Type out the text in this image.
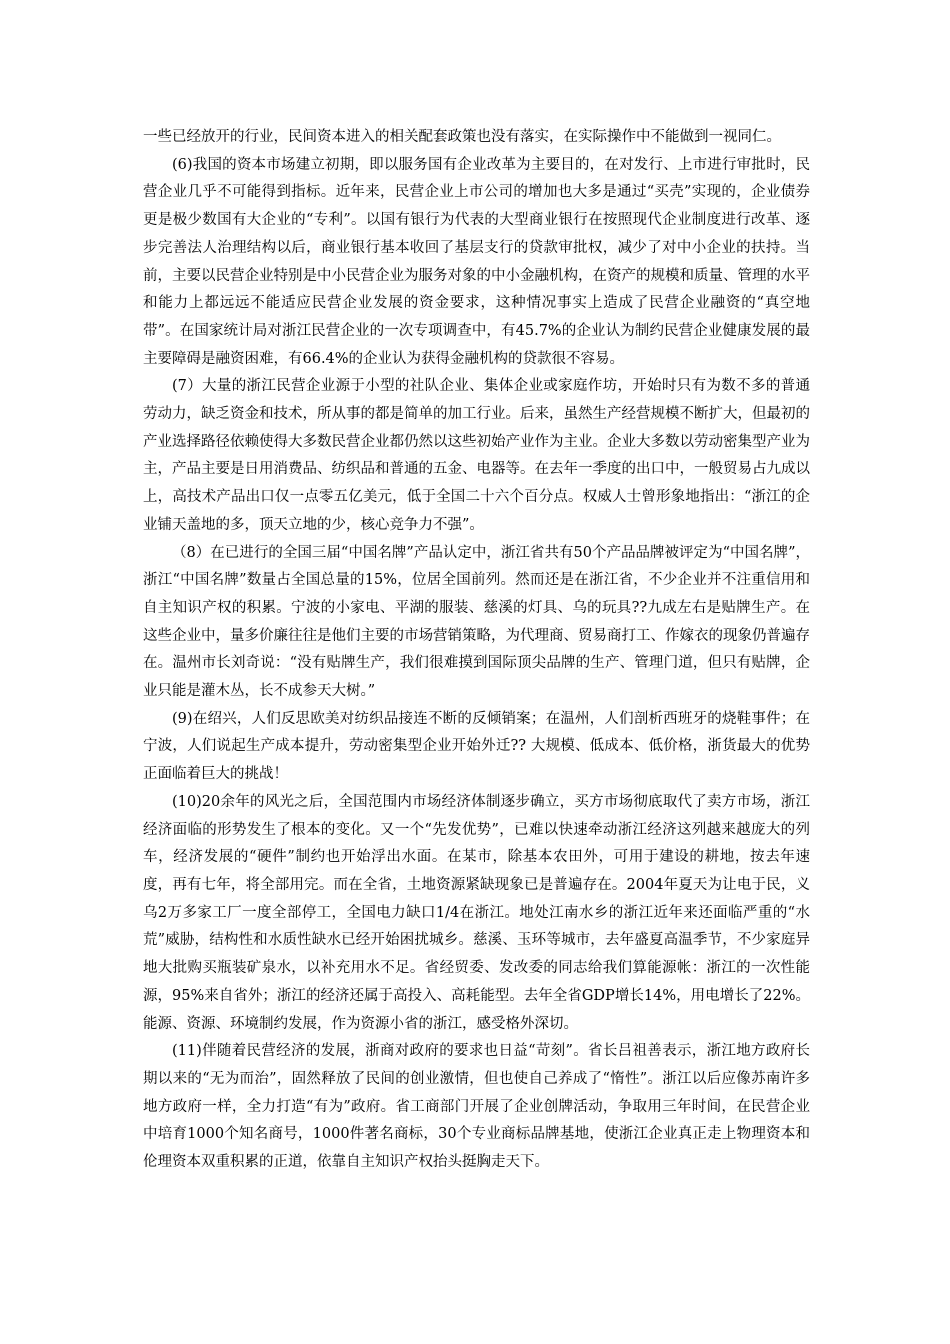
一些已经放开的行业，民间资本进入的相关配套政策也没有落实，在实际操作中不能做到一视同仁。

(6)我国的资本市场建立初期，即以服务国有企业改革为主要目的，在对发行、上市进行审批时，民营企业几乎不可能得到指标。近年来，民营企业上市公司的增加也大多是通过“买壳”实现的，企业债券更是极少数国有大企业的“专利”。以国有银行为代表的大型商业银行在按照现代企业制度进行改革、逐步完善法人治理结构以后，商业银行基本收回了基层支行的贷款审批权，减少了对中小企业的扶持。当前，主要以民营企业特别是中小民营企业为服务对象的中小金融机构，在资产的规模和质量、管理的水平和能力上都远远不能适应民营企业发展的资金要求，这种情况事实上造成了民营企业融资的“真空地带”。在国家统计局对浙江民营企业的一次专项调查中，有45.7%的企业认为制约民营企业健康发展的最主要障碍是融资困难，有66.4%的企业认为获得金融机构的贷款很不容易。

(7）大量的浙江民营企业源于小型的社队企业、集体企业或家庭作坊，开始时只有为数不多的普通劳动力，缺乏资金和技术，所从事的都是简单的加工行业。后来，虽然生产经营规模不断扩大，但最初的产业选择路径依赖使得大多数民营企业都仍然以这些初始产业作为主业。企业大多数以劳动密集型产业为主，产品主要是日用消费品、纺织品和普通的五金、电器等。在去年一季度的出口中，一般贸易占九成以上，高技术产品出口仅一点零五亿美元，低于全国二十六个百分点。权威人士曾形象地指出：“浙江的企业铺天盖地的多，顶天立地的少，核心竞争力不强”。

（8）在已进行的全国三届“中国名牌”产品认定中，浙江省共有50个产品品牌被评定为“中国名牌”，浙江“中国名牌”数量占全国总量的15%，位居全国前列。然而还是在浙江省，不少企业并不注重信用和自主知识产权的积累。宁波的小家电、平湖的服装、慈溪的灯具、乌的玩具??九成左右是贴牌生产。在这些企业中，量多价廉往往是他们主要的市场营销策略，为代理商、贸易商打工、作嫁衣的现象仍普遍存在。温州市长刘奇说：“没有贴牌生产，我们很难摸到国际顶尖品牌的生产、管理门道，但只有贴牌，企业只能是灌木丛，长不成参天大树。”

(9)在绍兴，人们反思欧美对纺织品接连不断的反倾销案；在温州，人们剖析西班牙的烧鞋事件；在宁波，人们说起生产成本提升，劳动密集型企业开始外迁?? 大规模、低成本、低价格，浙货最大的优势正面临着巨大的挑战！

(10)20余年的风光之后，全国范围内市场经济体制逐步确立，买方市场彻底取代了卖方市场，浙江经济面临的形势发生了根本的变化。又一个“先发优势”，已难以快速牵动浙江经济这列越来越庞大的列车，经济发展的“硬件”制约也开始浮出水面。在某市，除基本农田外，可用于建设的耕地，按去年速度，再有七年，将全部用完。而在全省，土地资源紧缺现象已是普遍存在。2004年夏天为让电于民，义乌2万多家工厂一度全部停工，全国电力缺口1/4在浙江。地处江南水乡的浙江近年来还面临严重的“水荒”威胁，结构性和水质性缺水已经开始困扰城乡。慈溪、玉环等城市，去年盛夏高温季节，不少家庭异地大批购买瓶装矿泉水，以补充用水不足。省经贸委、发改委的同志给我们算能源帐：浙江的一次性能源，95%来自省外；浙江的经济还属于高投入、高耗能型。去年全省GDP增长14%，用电增长了22%。能源、资源、环境制约发展，作为资源小省的浙江，感受格外深切。

(11)伴随着民营经济的发展，浙商对政府的要求也日益“苛刻”。省长吕祖善表示，浙江地方政府长期以来的“无为而治”，固然释放了民间的创业激情，但也使自己养成了“惰性”。浙江以后应像苏南许多地方政府一样，全力打造“有为”政府。省工商部门开展了企业创牌活动，争取用三年时间，在民营企业中培育1000个知名商号，1000件著名商标，30个专业商标品牌基地，使浙江企业真正走上物理资本和伦理资本双重积累的正道，依靠自主知识产权抬头挺胸走天下。
